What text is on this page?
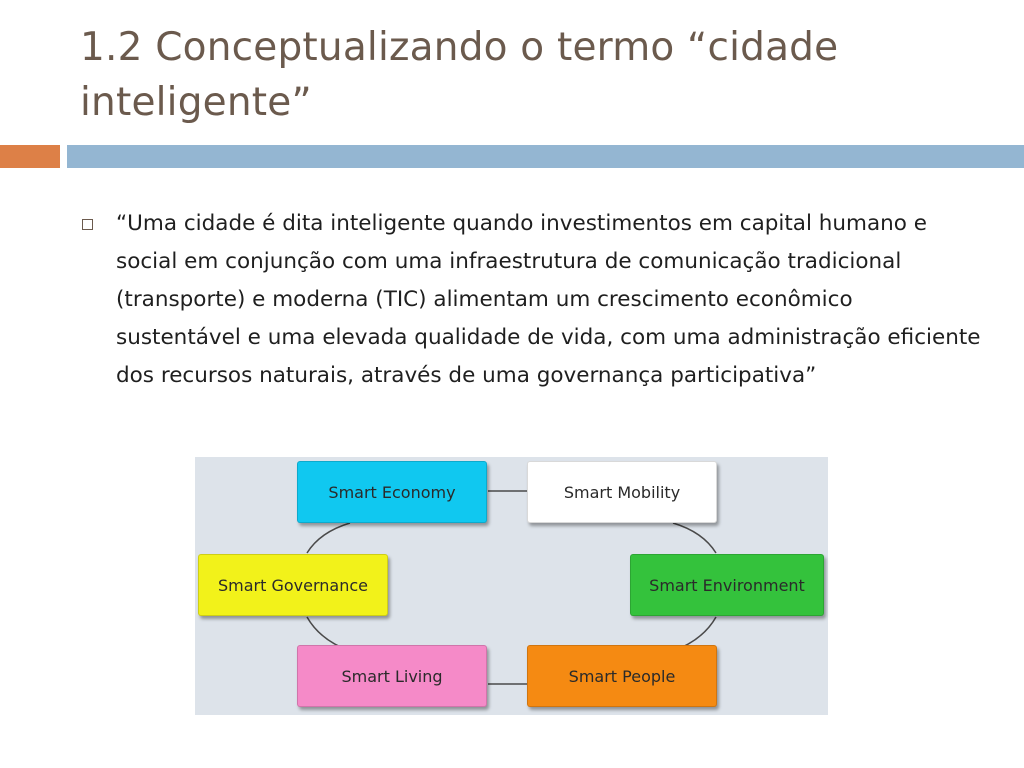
1.2 Conceptualizando o termo “cidade inteligente”
“Uma cidade é dita inteligente quando investimentos em capital humano e social em conjunção com uma infraestrutura de comunicação tradicional (transporte) e moderna (TIC) alimentam um crescimento econômico sustentável e uma elevada qualidade de vida, com uma administração eficiente dos recursos naturais, através de uma governança participativa”
Smart Economy	Smart Mobility
Smart Governance	Smart Environment
Smart Living	Smart People
